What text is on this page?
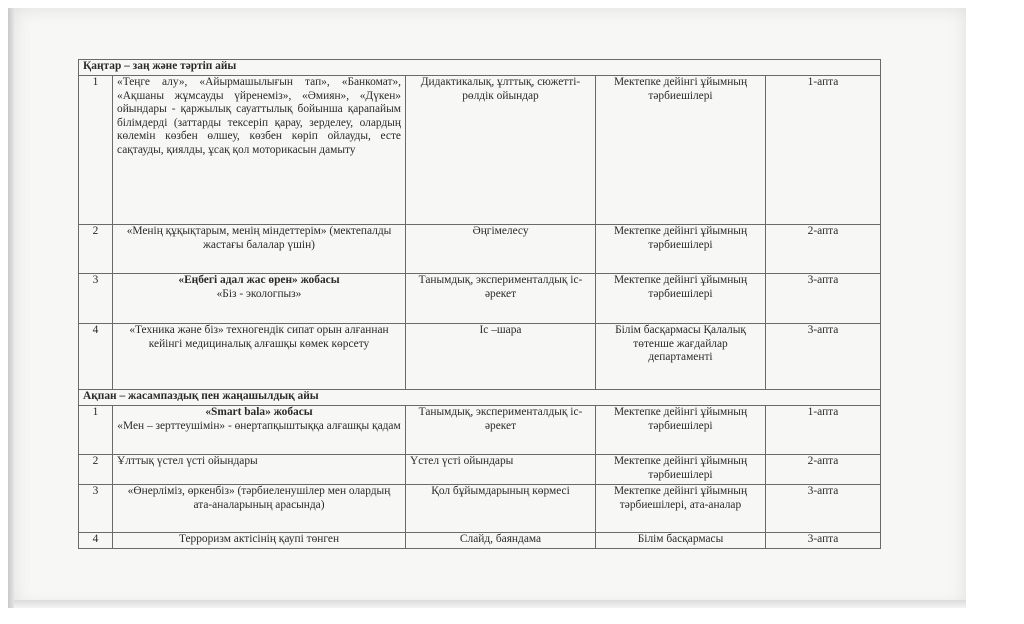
Қаңтар – заң және тәртіп айы				
1	«Теңге алу», «Айырмашылығын тап», «Банкомат», «Ақшаны жұмсауды үйренеміз», «Әмиян», «Дүкен» ойындары - қаржылық сауаттылық бойынша қарапайым білімдерді (заттарды тексеріп қарау, зерделеу, олардың көлемін көзбен өлшеу, көзбен көріп ойлауды, есте сақтауды, қиялды, ұсақ қол моторикасын дамыту	Дидактикалық, ұлттық, сюжетті-рөлдік ойындар	Мектепке дейінгі ұйымның тәрбиешілері	1-апта
2	«Менің құқықтарым, менің міндеттерім» (мектепалды жастағы балалар үшін)	Әңгімелесу	Мектепке дейінгі ұйымның тәрбиешілері	2-апта
3	«Еңбегі адал жас өрен» жобасы
«Біз - экологпыз»	Танымдық, эксперименталдық іс-әрекет	Мектепке дейінгі ұйымның тәрбиешілері	3-апта
4	«Техника және біз» техногендік сипат орын алғаннан кейінгі медициналық алғашқы көмек көрсету	Іс –шара	Білім басқармасы Қалалық төтенше жағдайлар департаменті	3-апта
Ақпан – жасампаздық пен жаңашылдық айы				
1	«Smart bala» жобасы
«Мен – зерттеушімін» - өнертапқыштыққа алғашқы қадам	Танымдық, эксперименталдық іс-әрекет	Мектепке дейінгі ұйымның тәрбиешілері	1-апта
2	Ұлттық үстел үсті ойындары	Үстел үсті ойындары	Мектепке дейінгі ұйымның тәрбиешілері	2-апта
3	«Өнерлімiз, өркенбіз» (тәрбиеленушілер мен олардың ата-аналарының арасында)	Қол бұйымдарының көрмесі	Мектепке дейінгі ұйымның тәрбиешілері, ата-аналар	3-апта
4	Терроризм актісінің қаупі төнген	Слайд, баяндама	Білім басқармасы	3-апта
